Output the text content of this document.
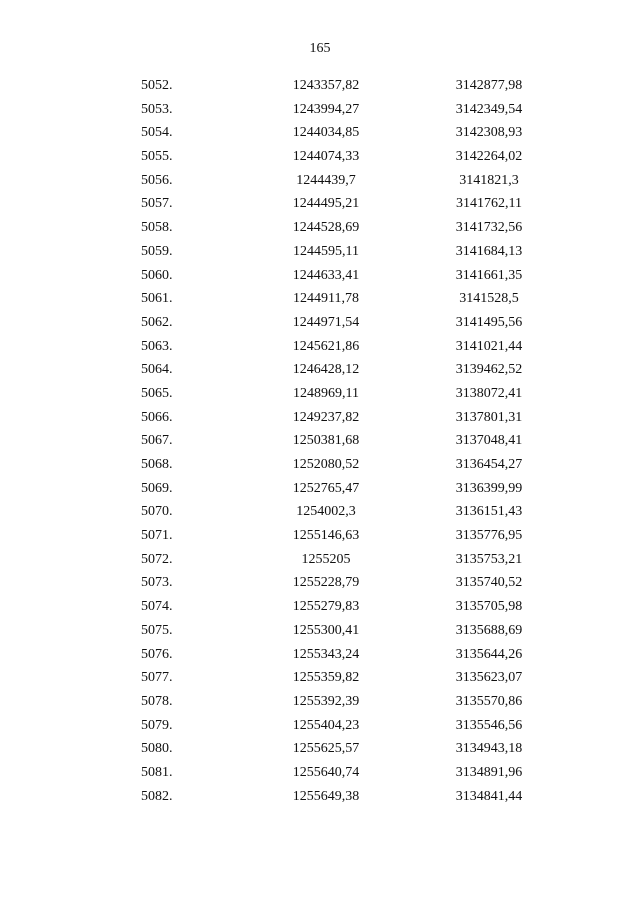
165
5052.	1243357,82	3142877,98
5053.	1243994,27	3142349,54
5054.	1244034,85	3142308,93
5055.	1244074,33	3142264,02
5056.	1244439,7	3141821,3
5057.	1244495,21	3141762,11
5058.	1244528,69	3141732,56
5059.	1244595,11	3141684,13
5060.	1244633,41	3141661,35
5061.	1244911,78	3141528,5
5062.	1244971,54	3141495,56
5063.	1245621,86	3141021,44
5064.	1246428,12	3139462,52
5065.	1248969,11	3138072,41
5066.	1249237,82	3137801,31
5067.	1250381,68	3137048,41
5068.	1252080,52	3136454,27
5069.	1252765,47	3136399,99
5070.	1254002,3	3136151,43
5071.	1255146,63	3135776,95
5072.	1255205	3135753,21
5073.	1255228,79	3135740,52
5074.	1255279,83	3135705,98
5075.	1255300,41	3135688,69
5076.	1255343,24	3135644,26
5077.	1255359,82	3135623,07
5078.	1255392,39	3135570,86
5079.	1255404,23	3135546,56
5080.	1255625,57	3134943,18
5081.	1255640,74	3134891,96
5082.	1255649,38	3134841,44
